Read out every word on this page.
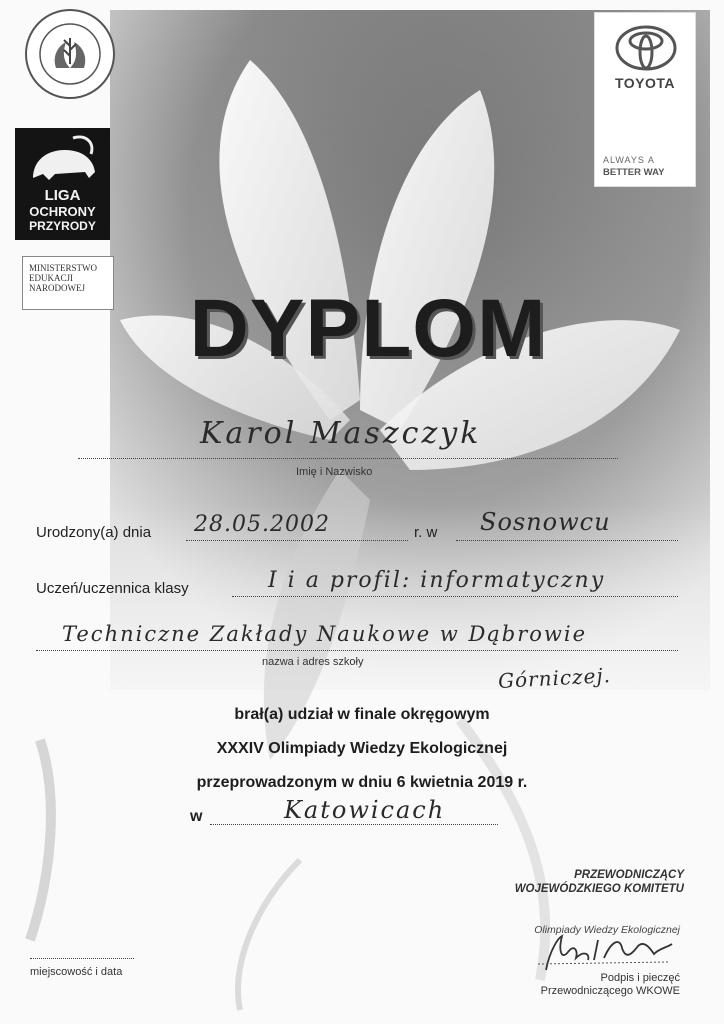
LIGA
OCHRONY
PRZYRODY
MINISTERSTWO
EDUKACJI
NARODOWEJ
TOYOTA
ALWAYS A
BETTER WAY
DYPLOM
Karol Maszczyk
Imię i Nazwisko
Urodzony(a) dnia 28.05.2002	r. w Sosnowcu
Uczeń/uczennica klasy	I i a profil: informatyczny
Techniczne Zakłady Naukowe w Dąbrowie
nazwa i adres szkoły
Górniczej.
brał(a) udział w finale okręgowym
XXXIV Olimpiady Wiedzy Ekologicznej
przeprowadzonym w dniu 6 kwietnia 2019 r.
w	Katowicach
miejscowość i data
PRZEWODNICZĄCY
WOJEWÓDZKIEGO KOMITETU
Olimpiady Wiedzy Ekologicznej
Podpis i pieczęć
Przewodniczącego WKOWE
